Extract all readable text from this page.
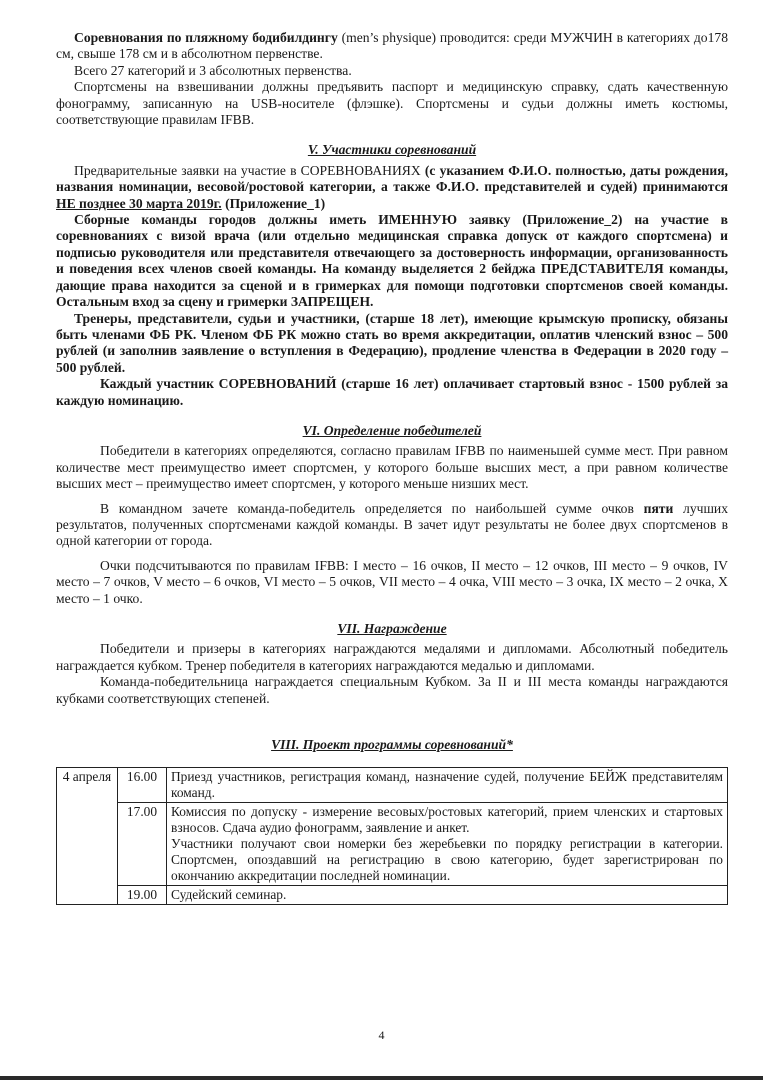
Соревнования по пляжному бодибилдингу (men’s physique) проводится: среди МУЖЧИН в категориях до178 см, свыше 178 см и в абсолютном первенстве.

Всего 27 категорий и 3 абсолютных первенства.

Спортсмены на взвешивании должны предъявить паспорт и медицинскую справку, сдать качественную фонограмму, записанную на USB-носителе (флэшке). Спортсмены и судьи должны иметь костюмы, соответствующие правилам IFBB.

V. Участники соревнований

Предварительные заявки на участие в СОРЕВНОВАНИЯХ (с указанием Ф.И.О. полностью, даты рождения, названия номинации, весовой/ростовой категории, а также Ф.И.О. представителей и судей) принимаются НЕ позднее 30 марта 2019г. (Приложение_1)

Сборные команды городов должны иметь ИМЕННУЮ заявку (Приложение_2) на участие в соревнованиях с визой врача (или отдельно медицинская справка допуск от каждого спортсмена) и подписью руководителя или представителя отвечающего за достоверность информации, организованность и поведения всех членов своей команды. На команду выделяется 2 бейджа ПРЕДСТАВИТЕЛЯ команды, дающие права находится за сценой и в гримерках для помощи подготовки спортсменов своей команды. Остальным вход за сцену и гримерки ЗАПРЕЩЕН.

Тренеры, представители, судьи и участники, (старше 18 лет), имеющие крымскую прописку, обязаны быть членами ФБ РК. Членом ФБ РК можно стать во время аккредитации, оплатив членский взнос – 500 рублей (и заполнив заявление о вступления в Федерацию), продление членства в Федерации в 2020 году – 500 рублей.

Каждый участник СОРЕВНОВАНИЙ (старше 16 лет) оплачивает стартовый взнос - 1500 рублей за каждую номинацию.

VI. Определение победителей

Победители в категориях определяются, согласно правилам IFBB по наименьшей сумме мест. При равном количестве мест преимущество имеет спортсмен, у которого больше высших мест, а при равном количестве высших мест – преимущество имеет спортсмен, у которого меньше низших мест.

В командном зачете команда-победитель определяется по наибольшей сумме очков пяти лучших результатов, полученных спортсменами каждой команды. В зачет идут результаты не более двух спортсменов в одной категории от города.

Очки подсчитываются по правилам IFBB: I место – 16 очков, II место – 12 очков, III место – 9 очков, IV место – 7 очков, V место – 6 очков, VI место – 5 очков, VII место – 4 очка, VIII место – 3 очка, IX место – 2 очка, X место – 1 очко.

VII. Награждение

Победители и призеры в категориях награждаются медалями и дипломами. Абсолютный победитель награждается кубком. Тренер победителя в категориях награждаются медалью и дипломами.

Команда-победительница награждается специальным Кубком. За II и III места команды награждаются кубками соответствующих степеней.

VIII. Проект программы соревнований*
4 апреля	16.00	Приезд участников, регистрация команд, назначение судей, получение БЕЙЖ представителям команд.
	17.00	Комиссия по допуску - измерение весовых/ростовых категорий, прием членских и стартовых взносов. Сдача аудио фонограмм, заявление и анкет.
Участники получают свои номерки без жеребьевки по порядку регистрации в категории. Спортсмен, опоздавший на регистрацию в свою категорию, будет зарегистрирован по окончанию аккредитации последней номинации.

	19.00	Судейский семинар.
4
